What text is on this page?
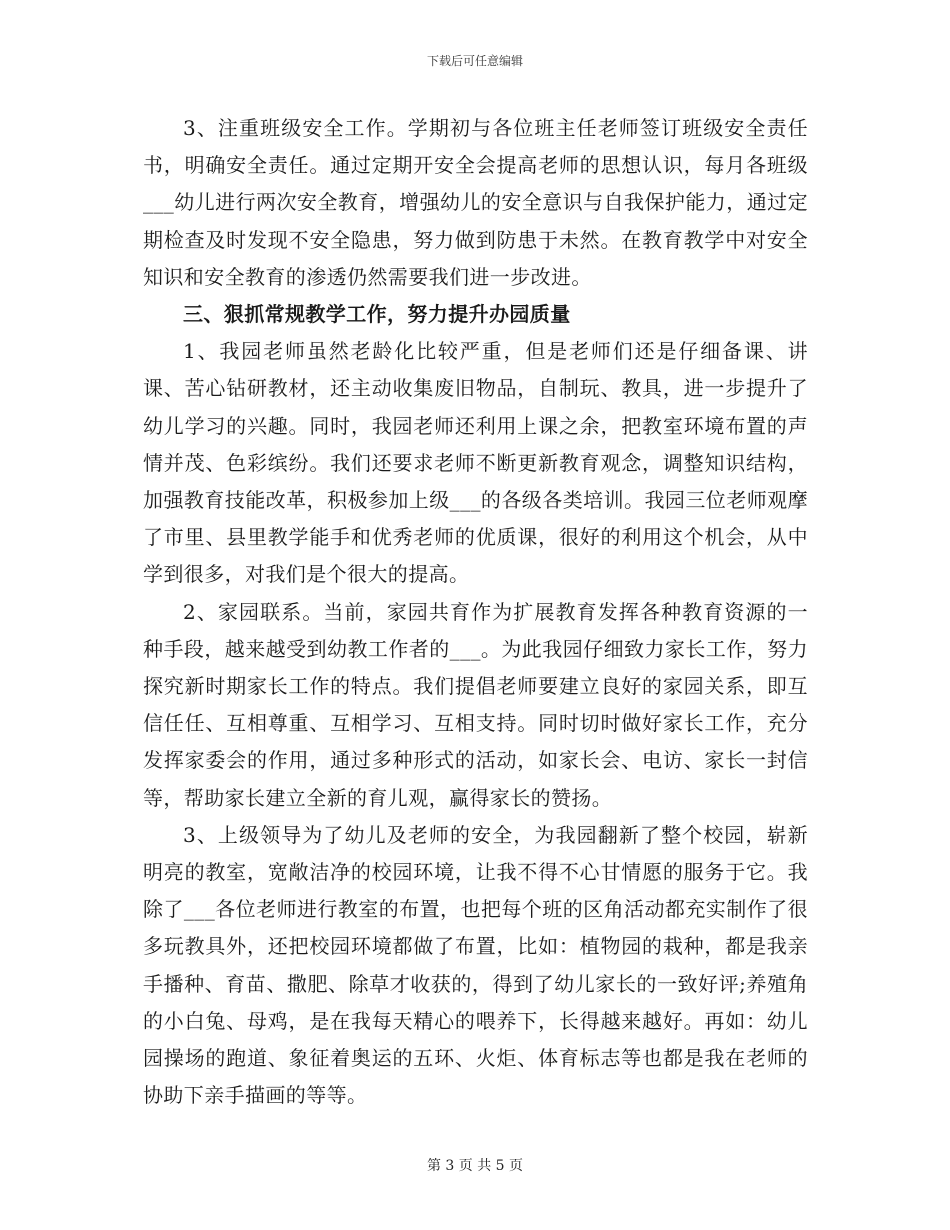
下载后可任意编辑

3、注重班级安全工作。学期初与各位班主任老师签订班级安全责任书，明确安全责任。通过定期开安全会提高老师的思想认识，每月各班级___幼儿进行两次安全教育，增强幼儿的安全意识与自我保护能力，通过定期检查及时发现不安全隐患，努力做到防患于未然。在教育教学中对安全知识和安全教育的渗透仍然需要我们进一步改进。

三、狠抓常规教学工作，努力提升办园质量

1、我园老师虽然老龄化比较严重，但是老师们还是仔细备课、讲课、苦心钻研教材，还主动收集废旧物品，自制玩、教具，进一步提升了幼儿学习的兴趣。同时，我园老师还利用上课之余，把教室环境布置的声情并茂、色彩缤纷。我们还要求老师不断更新教育观念，调整知识结构，加强教育技能改革，积极参加上级___的各级各类培训。我园三位老师观摩了市里、县里教学能手和优秀老师的优质课，很好的利用这个机会，从中学到很多，对我们是个很大的提高。

2、家园联系。当前，家园共育作为扩展教育发挥各种教育资源的一种手段，越来越受到幼教工作者的___。为此我园仔细致力家长工作，努力探究新时期家长工作的特点。我们提倡老师要建立良好的家园关系，即互信任任、互相尊重、互相学习、互相支持。同时切时做好家长工作，充分发挥家委会的作用，通过多种形式的活动，如家长会、电访、家长一封信等，帮助家长建立全新的育儿观，赢得家长的赞扬。

3、上级领导为了幼儿及老师的安全，为我园翻新了整个校园，崭新明亮的教室，宽敞洁净的校园环境，让我不得不心甘情愿的服务于它。我除了___各位老师进行教室的布置，也把每个班的区角活动都充实制作了很多玩教具外，还把校园环境都做了布置，比如：植物园的栽种，都是我亲手播种、育苗、撒肥、除草才收获的，得到了幼儿家长的一致好评;养殖角的小白兔、母鸡，是在我每天精心的喂养下，长得越来越好。再如：幼儿园操场的跑道、象征着奥运的五环、火炬、体育标志等也都是我在老师的协助下亲手描画的等等。

第 3 页 共 5 页
